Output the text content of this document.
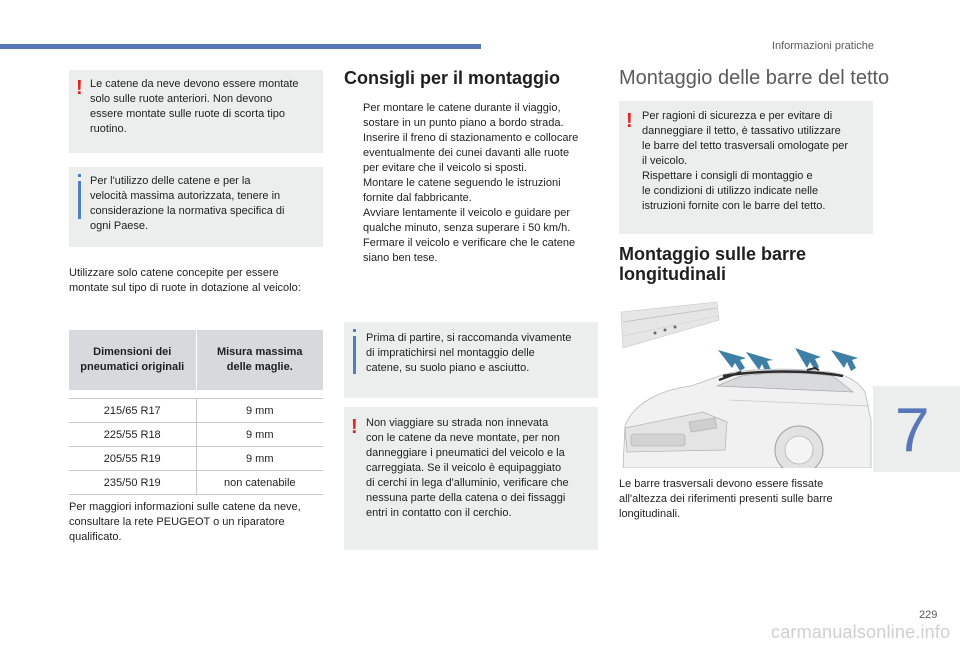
Informazioni pratiche
! Le catene da neve devono essere montate
solo sulle ruote anteriori. Non devono
essere montate sulle ruote di scorta tipo
ruotino.

Per l'utilizzo delle catene e per la
velocità massima autorizzata, tenere in
considerazione la normativa specifica di
ogni Paese.

Utilizzare solo catene concepite per essere
montate sul tipo di ruote in dotazione al veicolo:

Dimensioni dei
pneumatici originali	Misura massima
delle maglie.

215/65 R17	9 mm
225/55 R18	9 mm
205/55 R19	9 mm
235/50 R19	non catenabile

Per maggiori informazioni sulle catene da neve,
consultare la rete PEUGEOT o un riparatore
qualificato.

Consigli per il montaggio
Per montare le catene durante il viaggio,
sostare in un punto piano a bordo strada.
Inserire il freno di stazionamento e collocare
eventualmente dei cunei davanti alle ruote
per evitare che il veicolo si sposti.
Montare le catene seguendo le istruzioni
fornite dal fabbricante.
Avviare lentamente il veicolo e guidare per
qualche minuto, senza superare i 50 km/h.
Fermare il veicolo e verificare che le catene
siano ben tese.

Prima di partire, si raccomanda vivamente
di impratichirsi nel montaggio delle
catene, su suolo piano e asciutto.

! Non viaggiare su strada non innevata
con le catene da neve montate, per non
danneggiare i pneumatici del veicolo e la
carreggiata. Se il veicolo è equipaggiato
di cerchi in lega d'alluminio, verificare che
nessuna parte della catena o dei fissaggi
entri in contatto con il cerchio.

Montaggio delle barre del tetto
! Per ragioni di sicurezza e per evitare di
danneggiare il tetto, è tassativo utilizzare
le barre del tetto trasversali omologate per
il veicolo.
Rispettare i consigli di montaggio e
le condizioni di utilizzo indicate nelle
istruzioni fornite con le barre del tetto.

Montaggio sulle barre
longitudinali

Le barre trasversali devono essere fissate
all'altezza dei riferimenti presenti sulle barre
longitudinali.

7
229
carmanualsonline.info
